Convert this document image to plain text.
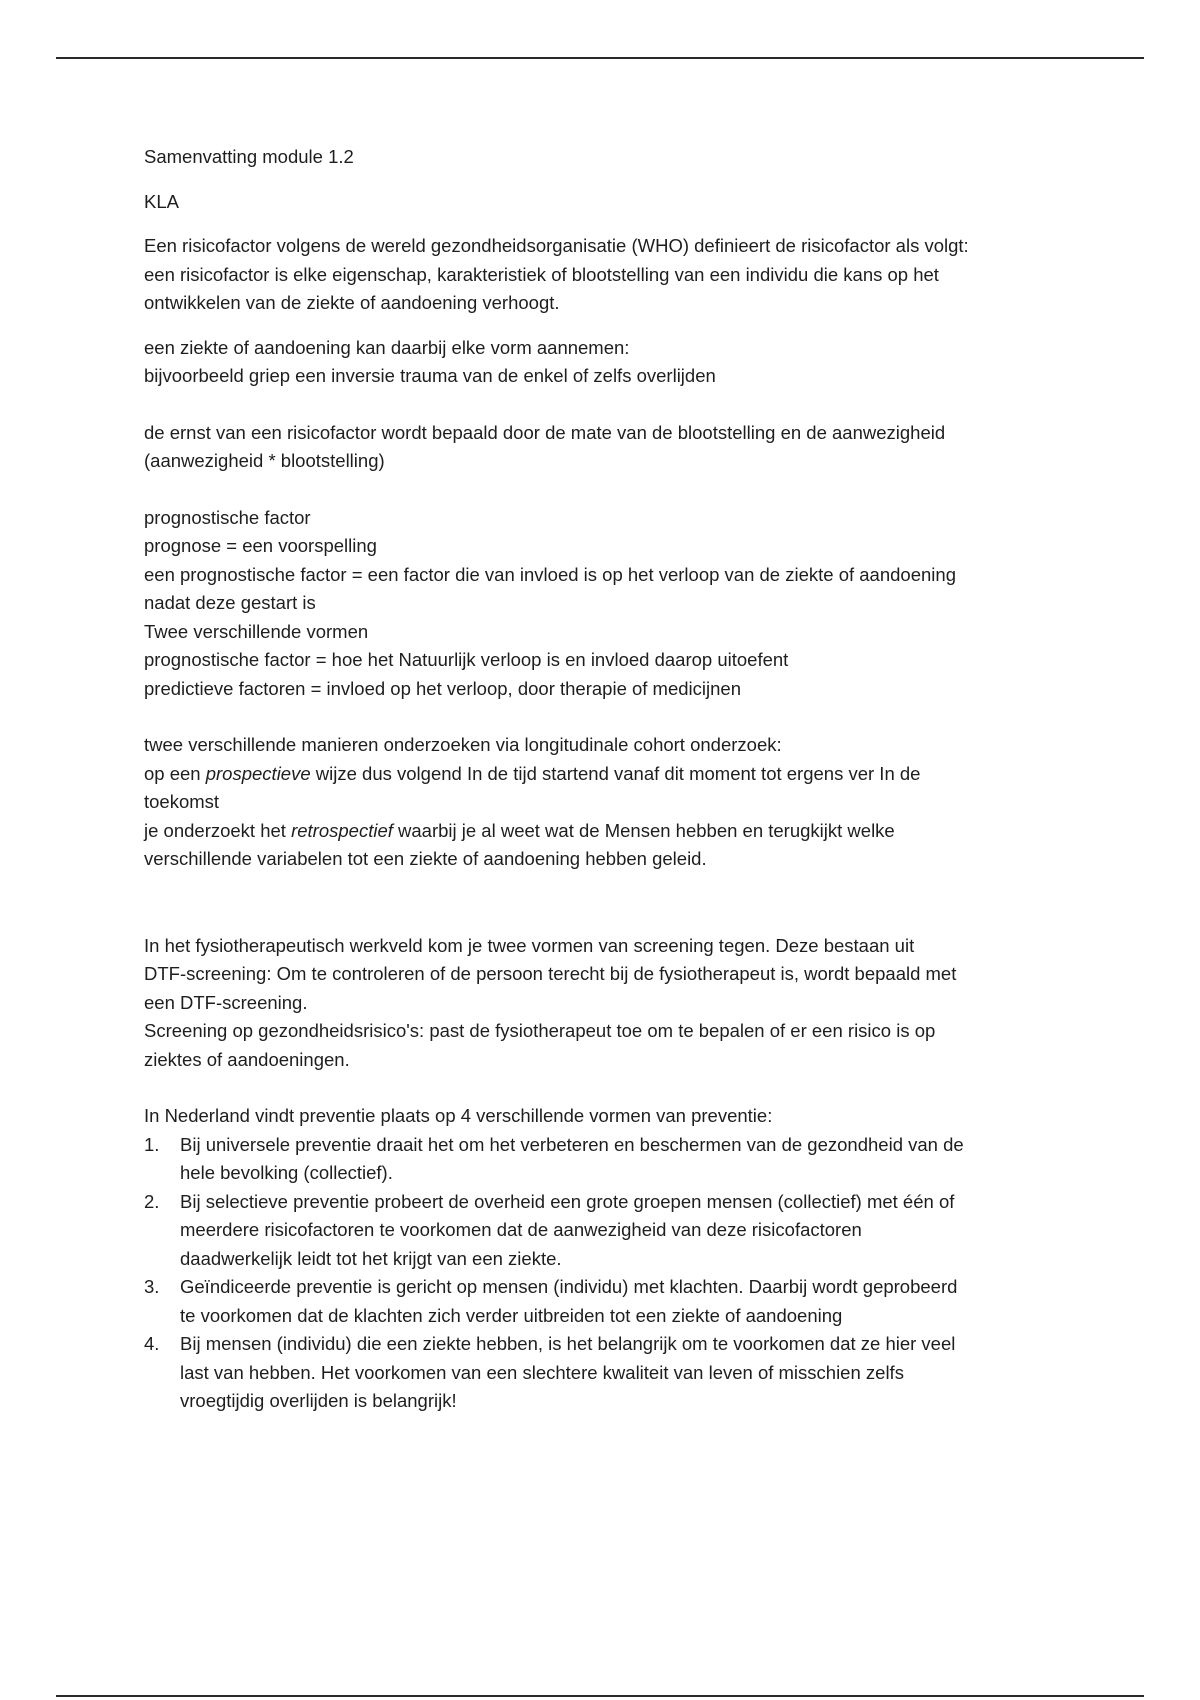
Samenvatting module 1.2

KLA

Een risicofactor volgens de wereld gezondheidsorganisatie (WHO) definieert de risicofactor als volgt:

een risicofactor is elke eigenschap, karakteristiek of blootstelling van een individu die kans op het

ontwikkelen van de ziekte of aandoening verhoogt.

een ziekte of aandoening kan daarbij elke vorm aannemen:

bijvoorbeeld griep een inversie trauma van de enkel of zelfs overlijden

de ernst van een risicofactor wordt bepaald door de mate van de blootstelling en de aanwezigheid

(aanwezigheid * blootstelling)

prognostische factor

prognose = een voorspelling

een prognostische factor = een factor die van invloed is op het verloop van de ziekte of aandoening

nadat deze gestart is

Twee verschillende vormen

prognostische factor = hoe het Natuurlijk verloop is en invloed daarop uitoefent

predictieve factoren = invloed op het verloop, door therapie of medicijnen

twee verschillende manieren onderzoeken via longitudinale cohort onderzoek:

op een prospectieve wijze dus volgend In de tijd startend vanaf dit moment tot ergens ver In de

toekomst

je onderzoekt het retrospectief waarbij je al weet wat de Mensen hebben en terugkijkt welke

verschillende variabelen tot een ziekte of aandoening hebben geleid.

In het fysiotherapeutisch werkveld kom je twee vormen van screening tegen. Deze bestaan uit

DTF-screening: Om te controleren of de persoon terecht bij de fysiotherapeut is, wordt bepaald met

een DTF-screening.

Screening op gezondheidsrisico's: past de fysiotherapeut toe om te bepalen of er een risico is op

ziektes of aandoeningen.

In Nederland vindt preventie plaats op 4 verschillende vormen van preventie:

1. Bij universele preventie draait het om het verbeteren en beschermen van de gezondheid van de

hele bevolking (collectief).

2. Bij selectieve preventie probeert de overheid een grote groepen mensen (collectief) met één of

meerdere risicofactoren te voorkomen dat de aanwezigheid van deze risicofactoren

daadwerkelijk leidt tot het krijgt van een ziekte.

3. Geïndiceerde preventie is gericht op mensen (individu) met klachten. Daarbij wordt geprobeerd

te voorkomen dat de klachten zich verder uitbreiden tot een ziekte of aandoening

4. Bij mensen (individu) die een ziekte hebben, is het belangrijk om te voorkomen dat ze hier veel

last van hebben. Het voorkomen van een slechtere kwaliteit van leven of misschien zelfs

vroegtijdig overlijden is belangrijk!
